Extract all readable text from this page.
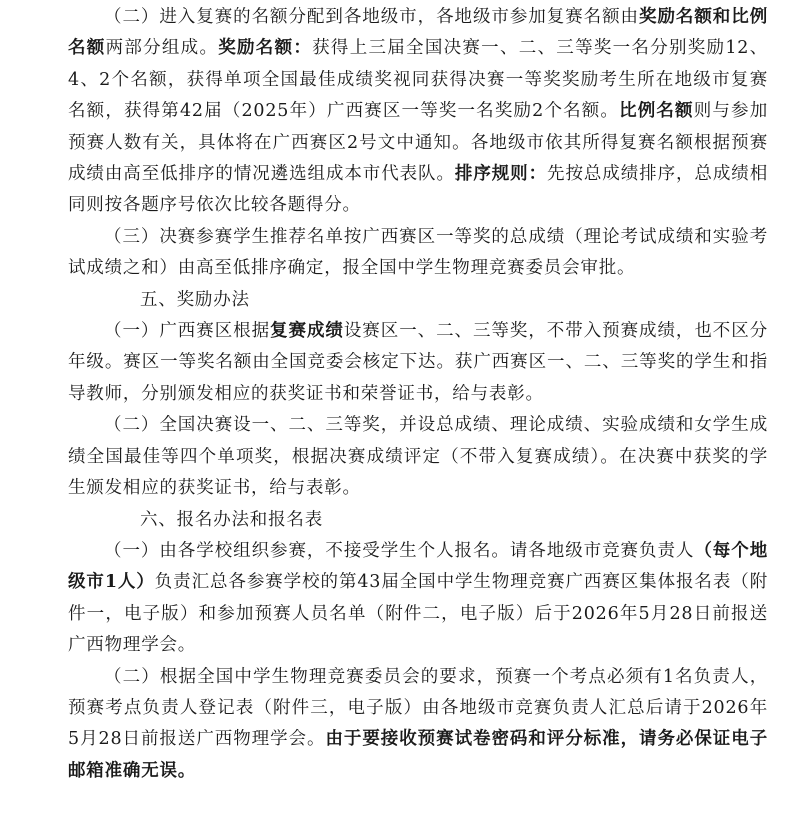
（二）进入复赛的名额分配到各地级市，各地级市参加复赛名额由奖励名额和比例名额两部分组成。奖励名额：获得上三届全国决赛一、二、三等奖一名分别奖励12、4、2个名额，获得单项全国最佳成绩奖视同获得决赛一等奖奖励考生所在地级市复赛名额，获得第42届（2025年）广西赛区一等奖一名奖励2个名额。比例名额则与参加预赛人数有关，具体将在广西赛区2号文中通知。各地级市依其所得复赛名额根据预赛成绩由高至低排序的情况遴选组成本市代表队。排序规则：先按总成绩排序，总成绩相同则按各题序号依次比较各题得分。

（三）决赛参赛学生推荐名单按广西赛区一等奖的总成绩（理论考试成绩和实验考试成绩之和）由高至低排序确定，报全国中学生物理竞赛委员会审批。

五、奖励办法

（一）广西赛区根据复赛成绩设赛区一、二、三等奖，不带入预赛成绩，也不区分年级。赛区一等奖名额由全国竞委会核定下达。获广西赛区一、二、三等奖的学生和指导教师，分别颁发相应的获奖证书和荣誉证书，给与表彰。

（二）全国决赛设一、二、三等奖，并设总成绩、理论成绩、实验成绩和女学生成绩全国最佳等四个单项奖，根据决赛成绩评定（不带入复赛成绩）。在决赛中获奖的学生颁发相应的获奖证书，给与表彰。

六、报名办法和报名表

（一）由各学校组织参赛，不接受学生个人报名。请各地级市竞赛负责人（每个地级市1人）负责汇总各参赛学校的第43届全国中学生物理竞赛广西赛区集体报名表（附件一，电子版）和参加预赛人员名单（附件二，电子版）后于2026年5月28日前报送广西物理学会。

（二）根据全国中学生物理竞赛委员会的要求，预赛一个考点必须有1名负责人，预赛考点负责人登记表（附件三，电子版）由各地级市竞赛负责人汇总后请于2026年5月28日前报送广西物理学会。由于要接收预赛试卷密码和评分标准，请务必保证电子邮箱准确无误。
